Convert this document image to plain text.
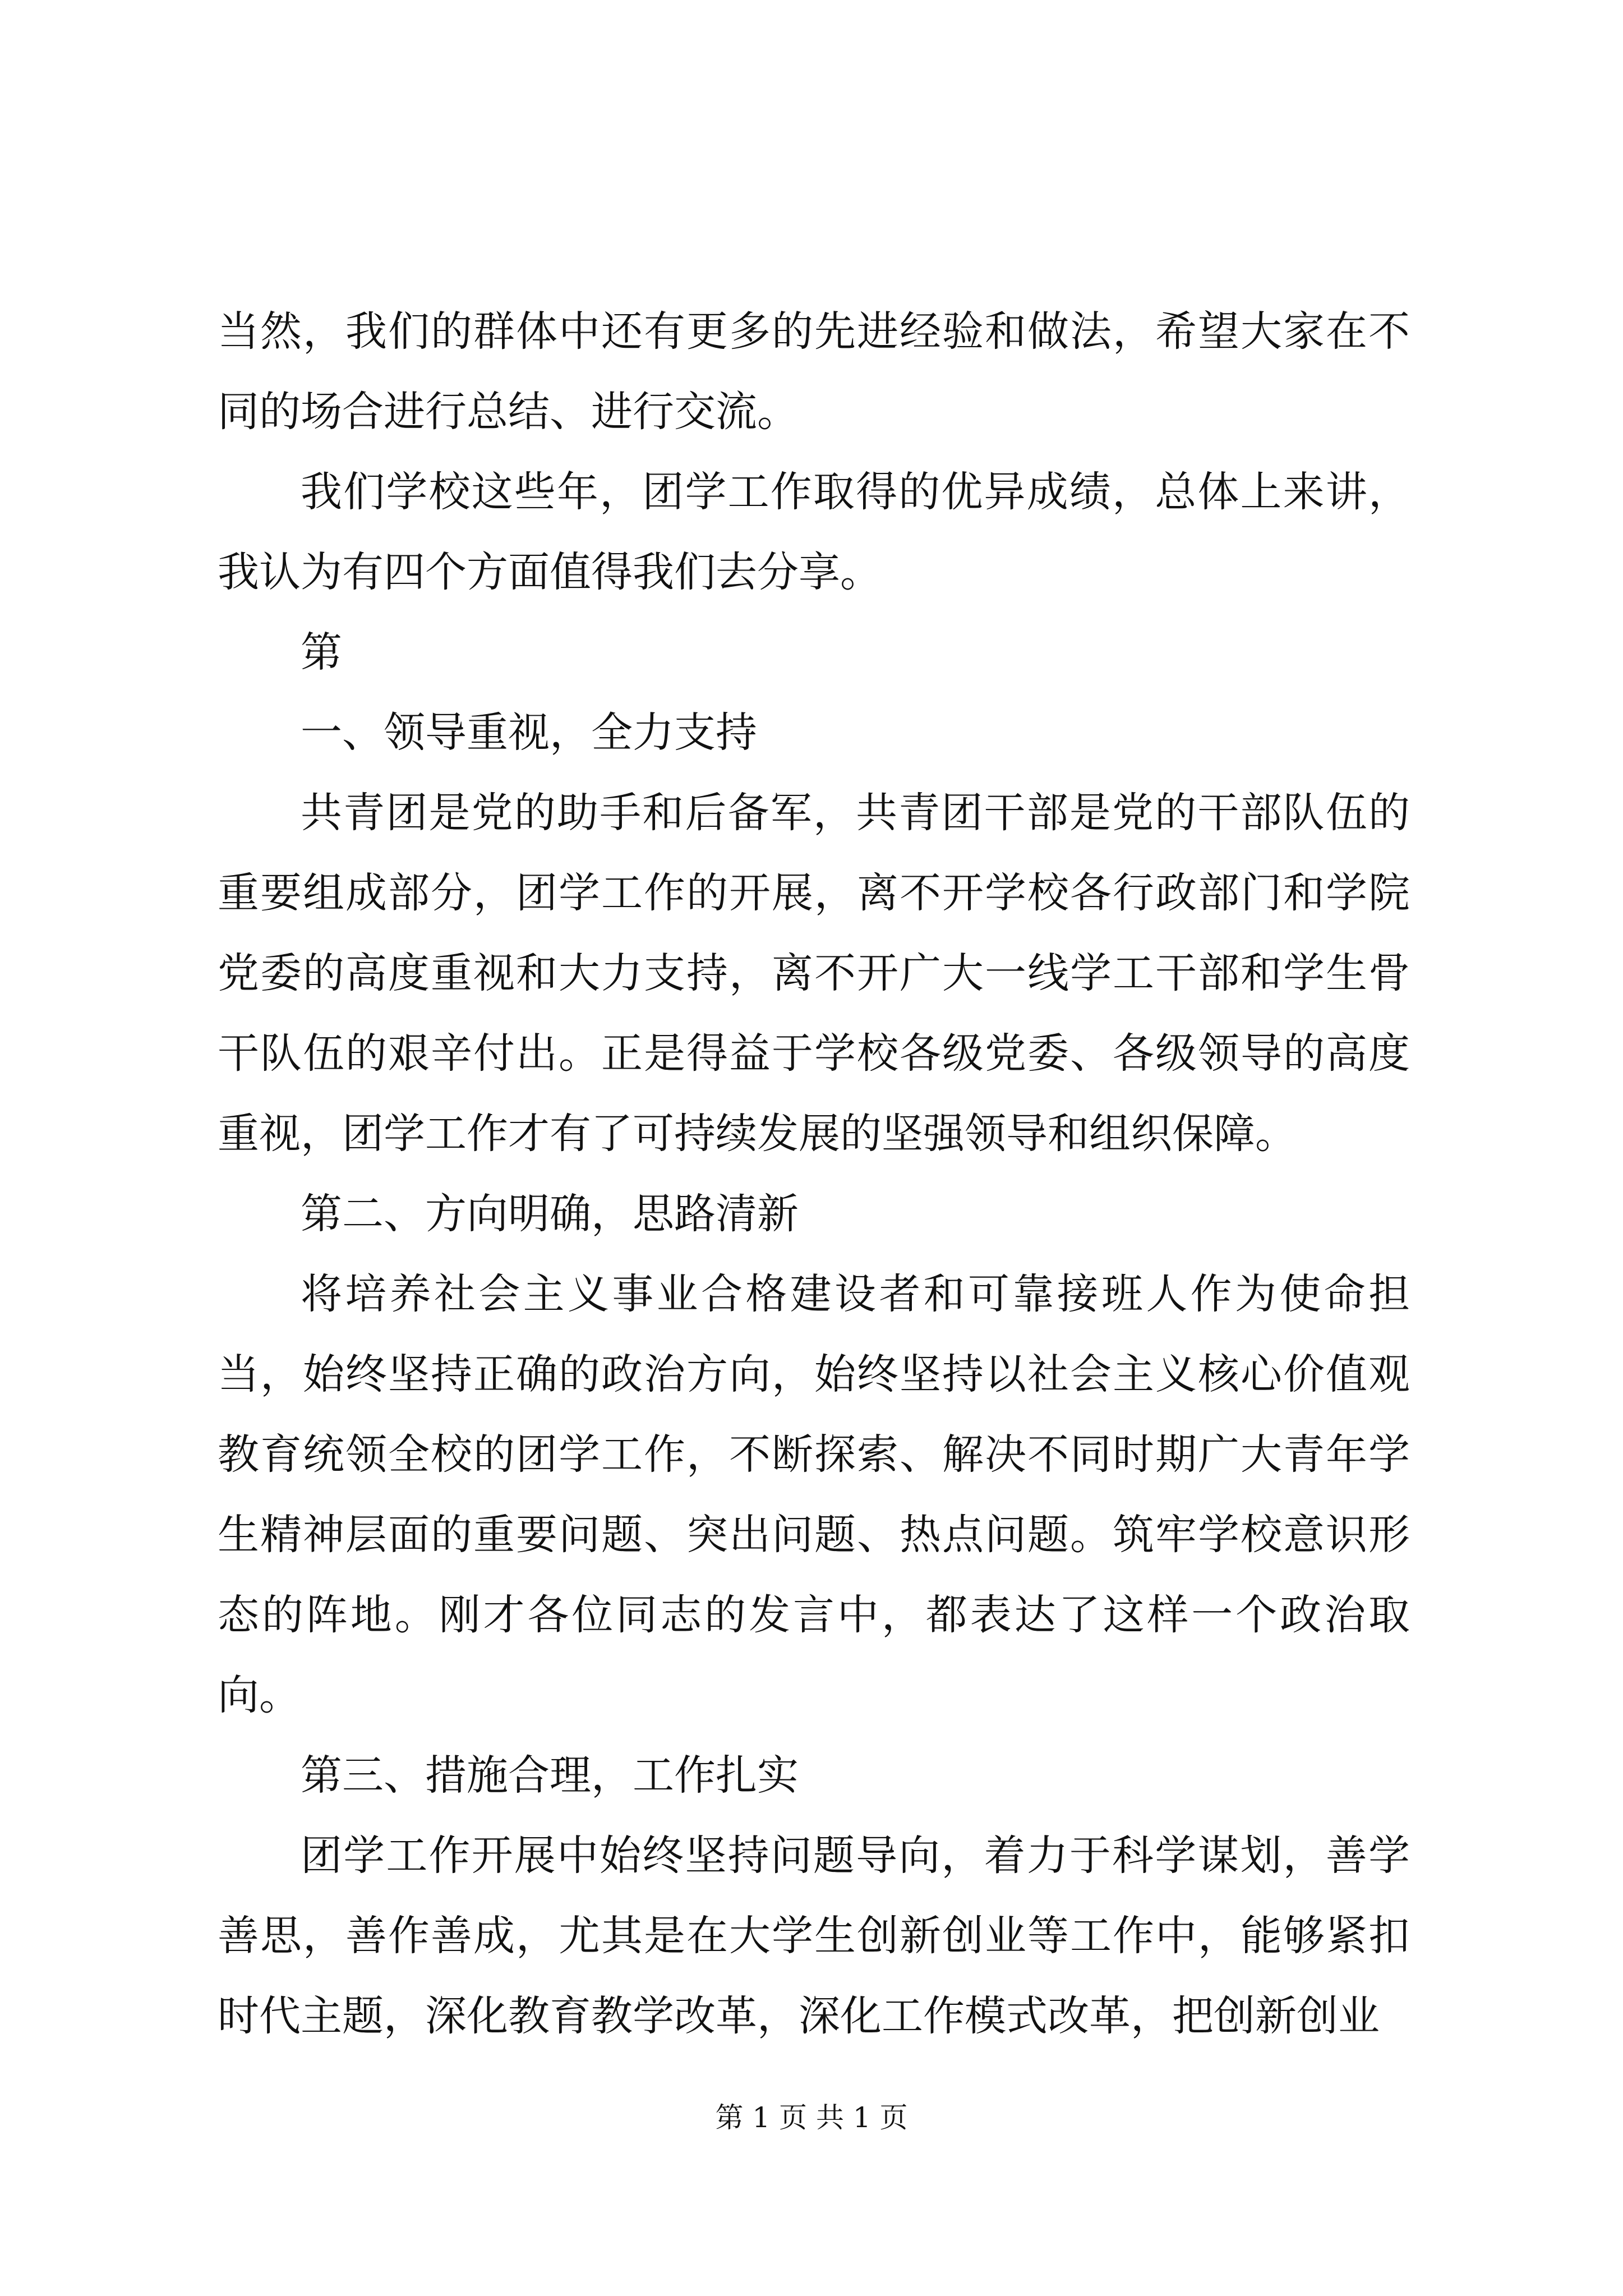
当然，我们的群体中还有更多的先进经验和做法，希望大家在不同的场合进行总结、进行交流。

我们学校这些年，团学工作取得的优异成绩，总体上来讲，我认为有四个方面值得我们去分享。

第

一、领导重视，全力支持

共青团是党的助手和后备军，共青团干部是党的干部队伍的重要组成部分，团学工作的开展，离不开学校各行政部门和学院党委的高度重视和大力支持，离不开广大一线学工干部和学生骨干队伍的艰辛付出。正是得益于学校各级党委、各级领导的高度重视，团学工作才有了可持续发展的坚强领导和组织保障。

第二、方向明确，思路清新

将培养社会主义事业合格建设者和可靠接班人作为使命担当，始终坚持正确的政治方向，始终坚持以社会主义核心价值观教育统领全校的团学工作，不断探索、解决不同时期广大青年学生精神层面的重要问题、突出问题、热点问题。筑牢学校意识形态的阵地。刚才各位同志的发言中，都表达了这样一个政治取向。

第三、措施合理，工作扎实

团学工作开展中始终坚持问题导向，着力于科学谋划，善学善思，善作善成，尤其是在大学生创新创业等工作中，能够紧扣时代主题，深化教育教学改革，深化工作模式改革，把创新创业

第 1 页 共 1 页
